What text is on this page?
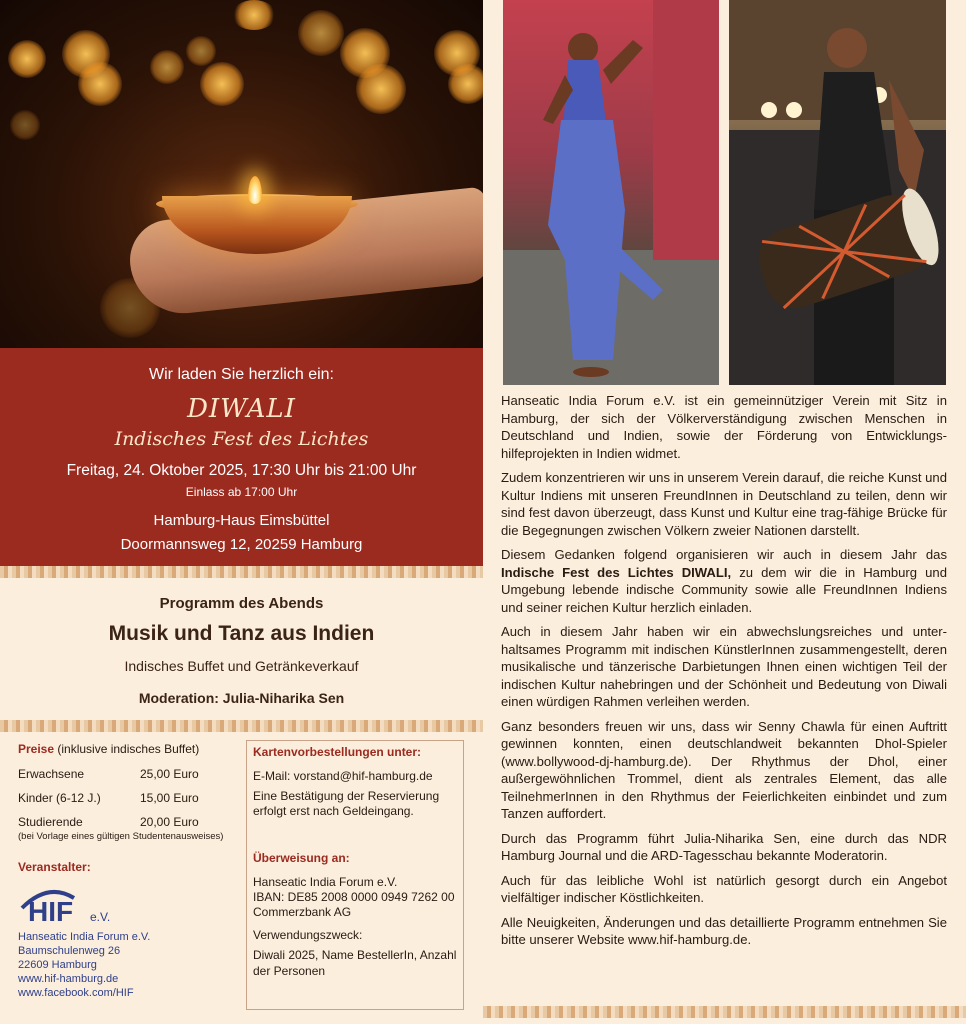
Wir laden Sie herzlich ein:
DIWALI
Indisches Fest des Lichtes
Freitag, 24. Oktober 2025, 17:30 Uhr bis 21:00 Uhr
Einlass ab 17:00 Uhr
Hamburg-Haus Eimsbüttel
Doormannsweg 12, 20259 Hamburg
Programm des Abends
Musik und Tanz aus Indien
Indisches Buffet und Getränkeverkauf
Moderation: Julia-Niharika Sen
Preise (inklusive indisches Buffet)
Erwachsene	25,00 Euro
Kinder (6-12 J.)	15,00 Euro
Studierende	20,00 Euro
(bei Vorlage eines gültigen Studentenausweises)
Veranstalter:
HIF e.V.
Hanseatic India Forum e.V.
Baumschulenweg 26
22609 Hamburg
www.hif-hamburg.de
www.facebook.com/HIF
Kartenvorbestellungen unter:
E-Mail: vorstand@hif-hamburg.de
Eine Bestätigung der Reservierung erfolgt erst nach Geldeingang.
Überweisung an:
Hanseatic India Forum e.V.
IBAN: DE85 2008 0000 0949 7262 00
Commerzbank AG
Verwendungszweck:
Diwali 2025, Name BestellerIn, Anzahl der Personen

Hanseatic India Forum e.V. ist ein gemeinnütziger Verein mit Sitz in Hamburg, der sich der Völkerverständigung zwischen Menschen in Deutschland und Indien, sowie der Förderung von Entwicklungs-hilfeprojekten in Indien widmet.

Zudem konzentrieren wir uns in unserem Verein darauf, die reiche Kunst und Kultur Indiens mit unseren FreundInnen in Deutschland zu teilen, denn wir sind fest davon überzeugt, dass Kunst und Kultur eine trag-fähige Brücke für die Begegnungen zwischen Völkern zweier Nationen darstellt.

Diesem Gedanken folgend organisieren wir auch in diesem Jahr das Indische Fest des Lichtes DIWALI, zu dem wir die in Hamburg und Umgebung lebende indische Community sowie alle FreundInnen Indiens und seiner reichen Kultur herzlich einladen.

Auch in diesem Jahr haben wir ein abwechslungsreiches und unter-haltsames Programm mit indischen KünstlerInnen zusammengestellt, deren musikalische und tänzerische Darbietungen Ihnen einen wichtigen Teil der indischen Kultur nahebringen und der Schönheit und Bedeutung von Diwali einen würdigen Rahmen verleihen werden.

Ganz besonders freuen wir uns, dass wir Senny Chawla für einen Auftritt gewinnen konnten, einen deutschlandweit bekannten Dhol-Spieler (www.bollywood-dj-hamburg.de). Der Rhythmus der Dhol, einer außergewöhnlichen Trommel, dient als zentrales Element, das alle TeilnehmerInnen in den Rhythmus der Feierlichkeiten einbindet und zum Tanzen auffordert.

Durch das Programm führt Julia-Niharika Sen, eine durch das NDR Hamburg Journal und die ARD-Tagesschau bekannte Moderatorin.

Auch für das leibliche Wohl ist natürlich gesorgt durch ein Angebot vielfältiger indischer Köstlichkeiten.

Alle Neuigkeiten, Änderungen und das detaillierte Programm entnehmen Sie bitte unserer Website www.hif-hamburg.de.
